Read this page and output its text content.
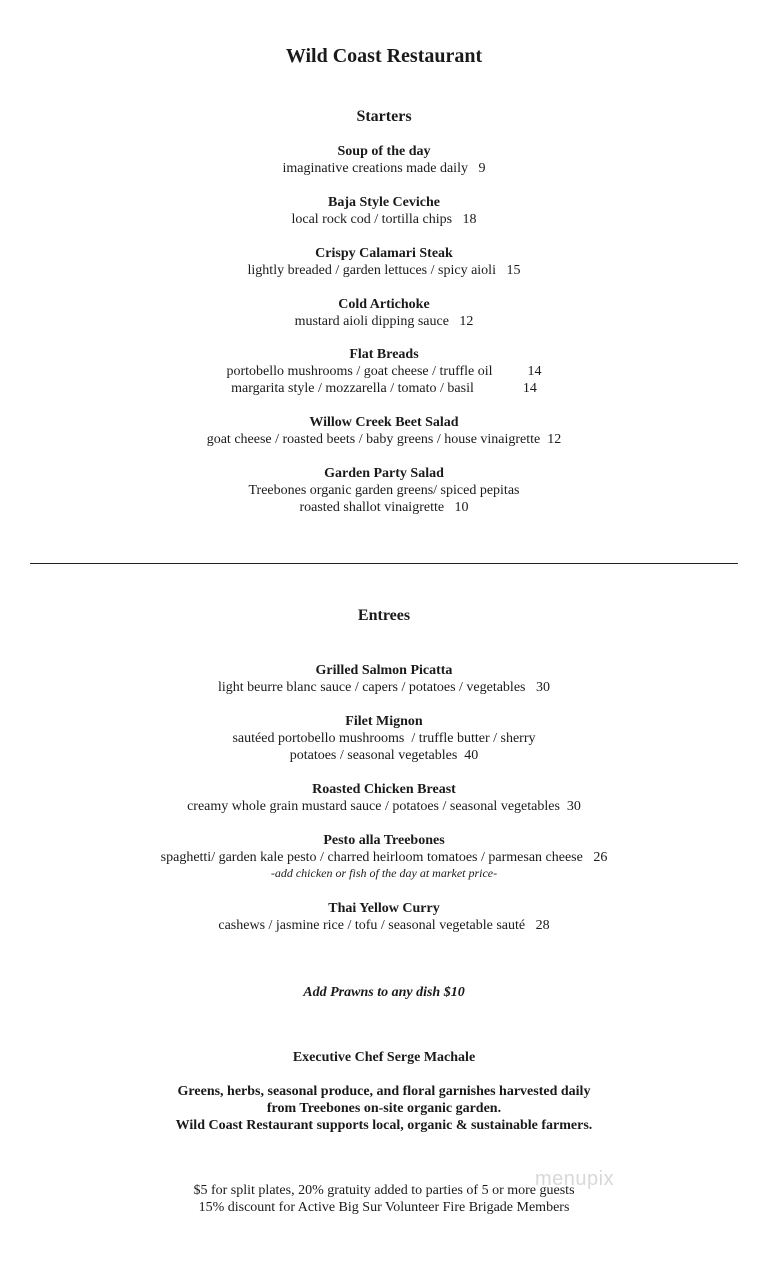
Wild Coast Restaurant
Starters
Soup of the day
imaginative creations made daily   9
Baja Style Ceviche
local rock cod / tortilla chips   18
Crispy Calamari Steak
lightly breaded / garden lettuces / spicy aioli   15
Cold Artichoke
mustard aioli dipping sauce   12
Flat Breads
portobello mushrooms / goat cheese / truffle oil          14
margarita style / mozzarella / tomato / basil              14
Willow Creek Beet Salad
goat cheese / roasted beets / baby greens / house vinaigrette  12
Garden Party Salad
Treebones organic garden greens/ spiced pepitas
roasted shallot vinaigrette   10
Entrees
Grilled Salmon Picatta
light beurre blanc sauce / capers / potatoes / vegetables   30
Filet Mignon
sautéed portobello mushrooms  / truffle butter / sherry
potatoes / seasonal vegetables  40
Roasted Chicken Breast
creamy whole grain mustard sauce / potatoes / seasonal vegetables  30
Pesto alla Treebones
spaghetti/ garden kale pesto / charred heirloom tomatoes / parmesan cheese   26
-add chicken or fish of the day at market price-
Thai Yellow Curry
cashews / jasmine rice / tofu / seasonal vegetable sauté   28
Add Prawns to any dish $10
Executive Chef Serge Machale
Greens, herbs, seasonal produce, and floral garnishes harvested daily
from Treebones on-site organic garden.
Wild Coast Restaurant supports local, organic & sustainable farmers.
$5 for split plates, 20% gratuity added to parties of 5 or more guests
15% discount for Active Big Sur Volunteer Fire Brigade Members
menupix
